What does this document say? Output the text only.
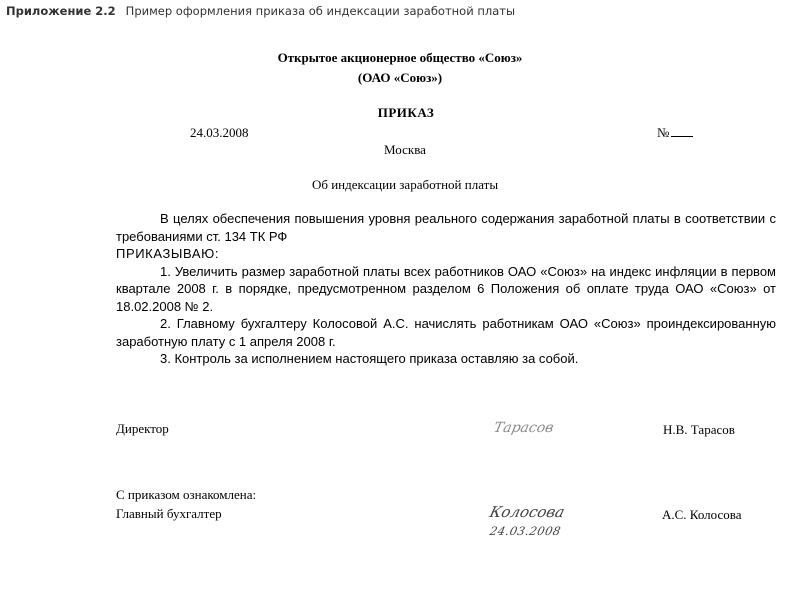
Приложение 2.2 Пример оформления приказа об индексации заработной платы
Открытое акционерное общество «Союз»
(ОАО «Союз»)
ПРИКАЗ
24.03.2008	№
Москва
Об индексации заработной платы

В целях обеспечения повышения уровня реального содержания заработной платы в соответствии с требованиями ст. 134 ТК РФ

ПРИКАЗЫВАЮ:

1. Увеличить размер заработной платы всех работников ОАО «Союз» на индекс инфляции в первом квартале 2008 г. в порядке, предусмотренном разделом 6 Положения об оплате труда ОАО «Союз» от 18.02.2008 № 2.

2. Главному бухгалтеру Колосовой А.С. начислять работникам ОАО «Союз» проиндексированную заработную плату с 1 апреля 2008 г.

3. Контроль за исполнением настоящего приказа оставляю за собой.

Директор	Тарасов	Н.В. Тарасов
С приказом ознакомлена:
Главный бухгалтер	Колосова
24.03.2008
А.С. Колосова
